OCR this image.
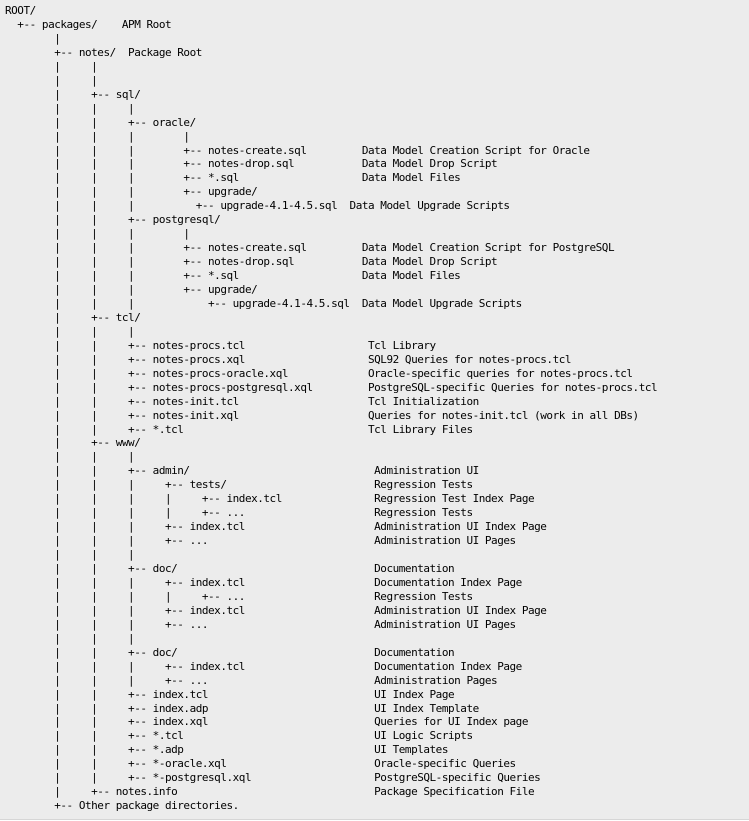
ROOT/
+-- packages/    APM Root
|
+-- notes/  Package Root
|     |
|     |
|     +-- sql/
|     |     |
|     |     +-- oracle/
|     |     |        |
|     |     |        +-- notes-create.sql         Data Model Creation Script for Oracle
|     |     |        +-- notes-drop.sql           Data Model Drop Script
|     |     |        +-- *.sql                    Data Model Files
|     |     |        +-- upgrade/
|     |     |          +-- upgrade-4.1-4.5.sql  Data Model Upgrade Scripts
|     |     +-- postgresql/
|     |     |        |
|     |     |        +-- notes-create.sql         Data Model Creation Script for PostgreSQL
|     |     |        +-- notes-drop.sql           Data Model Drop Script
|     |     |        +-- *.sql                    Data Model Files
|     |     |        +-- upgrade/
|     |     |            +-- upgrade-4.1-4.5.sql  Data Model Upgrade Scripts
|     +-- tcl/
|     |     |
|     |     +-- notes-procs.tcl                    Tcl Library
|     |     +-- notes-procs.xql                    SQL92 Queries for notes-procs.tcl
|     |     +-- notes-procs-oracle.xql             Oracle-specific queries for notes-procs.tcl
|     |     +-- notes-procs-postgresql.xql         PostgreSQL-specific Queries for notes-procs.tcl
|     |     +-- notes-init.tcl                     Tcl Initialization
|     |     +-- notes-init.xql                     Queries for notes-init.tcl (work in all DBs)
|     |     +-- *.tcl                              Tcl Library Files
|     +-- www/
|     |     |
|     |     +-- admin/                              Administration UI
|     |     |     +-- tests/                        Regression Tests
|     |     |     |     +-- index.tcl               Regression Test Index Page
|     |     |     |     +-- ...                     Regression Tests
|     |     |     +-- index.tcl                     Administration UI Index Page
|     |     |     +-- ...                           Administration UI Pages
|     |     |
|     |     +-- doc/                                Documentation
|     |     |     +-- index.tcl                     Documentation Index Page
|     |     |     |     +-- ...                     Regression Tests
|     |     |     +-- index.tcl                     Administration UI Index Page
|     |     |     +-- ...                           Administration UI Pages
|     |     |
|     |     +-- doc/                                Documentation
|     |     |     +-- index.tcl                     Documentation Index Page
|     |     |     +-- ...                           Administration Pages
|     |     +-- index.tcl                           UI Index Page
|     |     +-- index.adp                           UI Index Template
|     |     +-- index.xql                           Queries for UI Index page
|     |     +-- *.tcl                               UI Logic Scripts
|     |     +-- *.adp                               UI Templates
|     |     +-- *-oracle.xql                        Oracle-specific Queries
|     |     +-- *-postgresql.xql                    PostgreSQL-specific Queries
|     +-- notes.info                                Package Specification File
+-- Other package directories.
